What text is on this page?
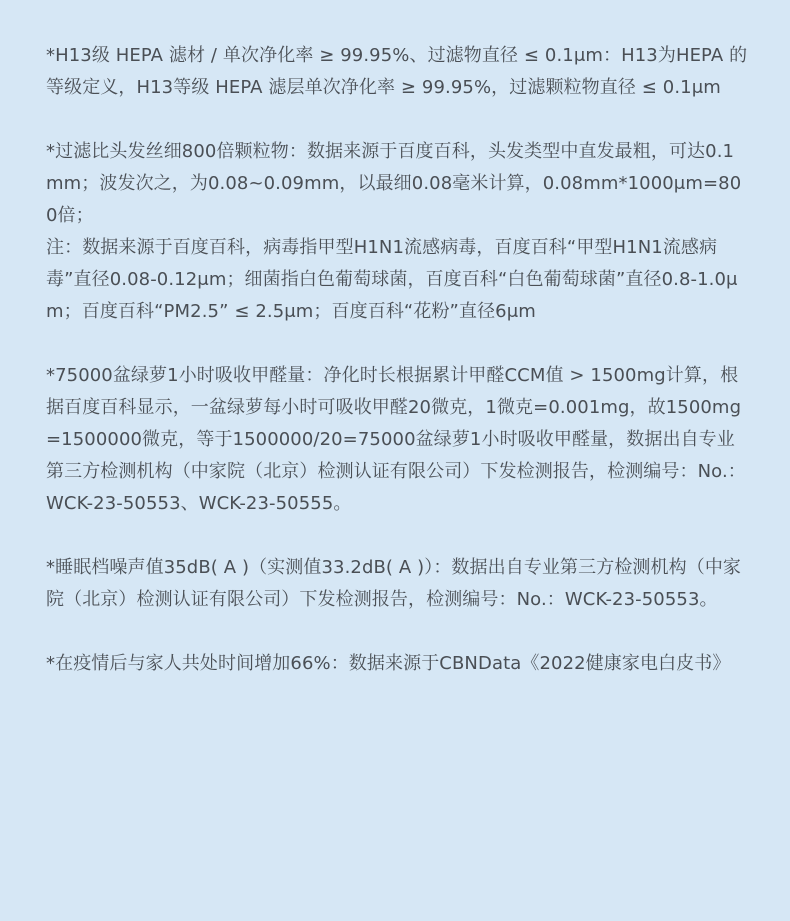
*H13级 HEPA 滤材 / 单次净化率 ≥ 99.95%、过滤物直径 ≤ 0.1μm：H13为HEPA 的等级定义，H13等级 HEPA 滤层单次净化率 ≥ 99.95%，过滤颗粒物直径 ≤ 0.1μm

*过滤比头发丝细800倍颗粒物：数据来源于百度百科，头发类型中直发最粗，可达0.1mm；波发次之，为0.08~0.09mm，以最细0.08毫米计算，0.08mm*1000μm=800倍；

注：数据来源于百度百科，病毒指甲型H1N1流感病毒，百度百科“甲型H1N1流感病毒”直径0.08-0.12μm；细菌指白色葡萄球菌，百度百科“白色葡萄球菌”直径0.8-1.0μm；百度百科“PM2.5” ≤ 2.5μm；百度百科“花粉”直径6μm

*75000盆绿萝1小时吸收甲醛量：净化时长根据累计甲醛CCM值 > 1500mg计算，根据百度百科显示，一盆绿萝每小时可吸收甲醛20微克，1微克=0.001mg，故1500mg=1500000微克，等于1500000/20=75000盆绿萝1小时吸收甲醛量，数据出自专业第三方检测机构（中家院（北京）检测认证有限公司）下发检测报告，检测编号：No.：WCK-23-50553、WCK-23-50555。

*睡眠档噪声值35dB( A )（实测值33.2dB( A )）：数据出自专业第三方检测机构（中家院（北京）检测认证有限公司）下发检测报告，检测编号：No.：WCK-23-50553。

*在疫情后与家人共处时间增加66%：数据来源于CBNData《2022健康家电白皮书》
